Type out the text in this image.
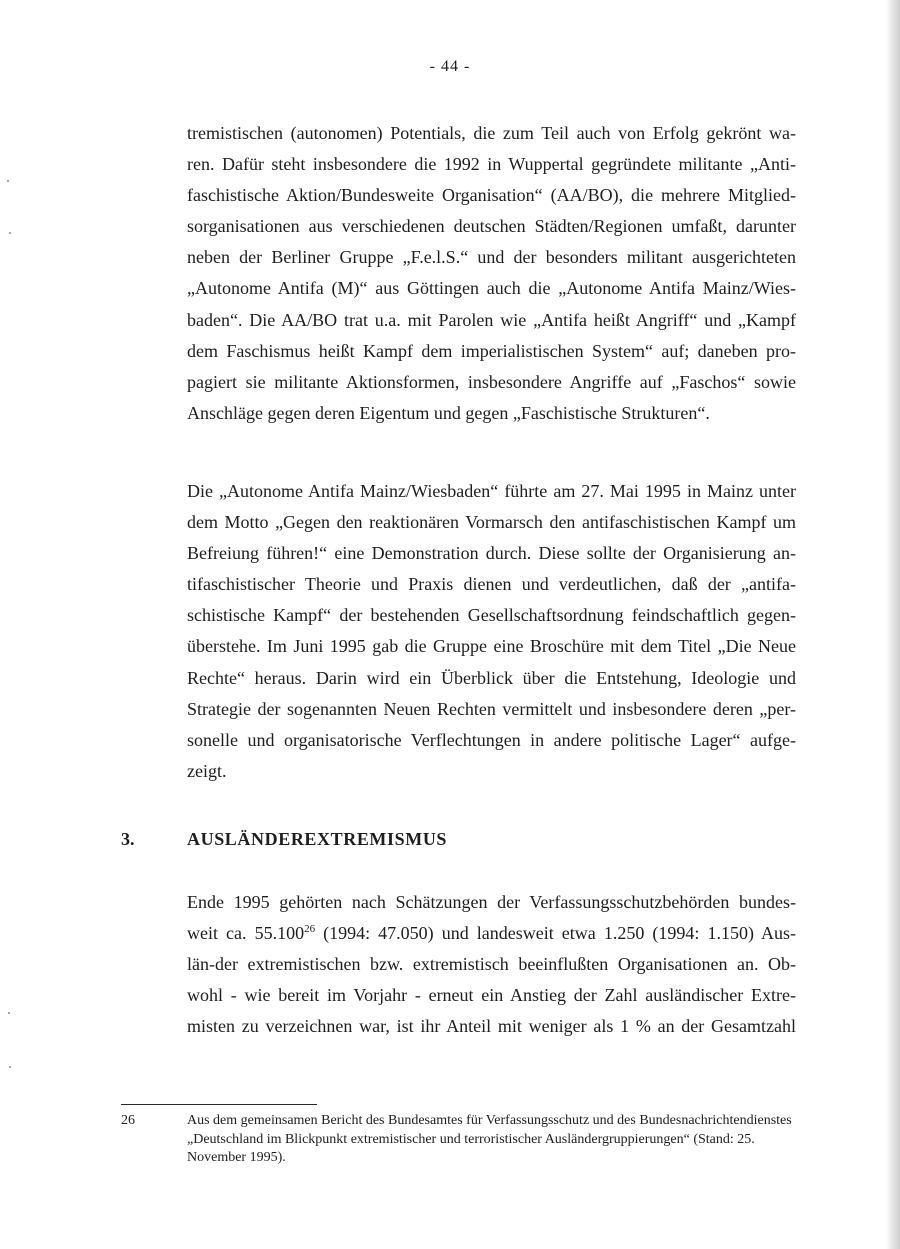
- 44 -
tremistischen (autonomen) Potentials, die zum Teil auch von Erfolg gekrönt wa-
ren. Dafür steht insbesondere die 1992 in Wuppertal gegründete militante „Anti-
faschistische Aktion/Bundesweite Organisation“ (AA/BO), die mehrere Mitglied-
sorganisationen aus verschiedenen deutschen Städten/Regionen umfaßt, darunter
neben der Berliner Gruppe „F.e.l.S.“ und der besonders militant ausgerichteten
„Autonome Antifa (M)“ aus Göttingen auch die „Autonome Antifa Mainz/Wies-
baden“. Die AA/BO trat u.a. mit Parolen wie „Antifa heißt Angriff“ und „Kampf
dem Faschismus heißt Kampf dem imperialistischen System“ auf; daneben pro-
pagiert sie militante Aktionsformen, insbesondere Angriffe auf „Faschos“ sowie
Anschläge gegen deren Eigentum und gegen „Faschistische Strukturen“.
Die „Autonome Antifa Mainz/Wiesbaden“ führte am 27. Mai 1995 in Mainz unter
dem Motto „Gegen den reaktionären Vormarsch den antifaschistischen Kampf um
Befreiung führen!“ eine Demonstration durch. Diese sollte der Organisierung an-
tifaschistischer Theorie und Praxis dienen und verdeutlichen, daß der „antifa-
schistische Kampf“ der bestehenden Gesellschaftsordnung feindschaftlich gegen-
überstehe. Im Juni 1995 gab die Gruppe eine Broschüre mit dem Titel „Die Neue
Rechte“ heraus. Darin wird ein Überblick über die Entstehung, Ideologie und
Strategie der sogenannten Neuen Rechten vermittelt und insbesondere deren „per-
sonelle und organisatorische Verflechtungen in andere politische Lager“ aufge-
zeigt.
3.	AUSLÄNDEREXTREMISMUS
Ende 1995 gehörten nach Schätzungen der Verfassungsschutzbehörden bundes-
weit ca. 55.100$^{26}$ (1994: 47.050) und landesweit etwa 1.250 (1994: 1.150) Aus-
län-der extremistischen bzw. extremistisch beeinflußten Organisationen an. Ob-
wohl - wie bereit im Vorjahr - erneut ein Anstieg der Zahl ausländischer Extre-
misten zu verzeichnen war, ist ihr Anteil mit weniger als 1 % an der Gesamtzahl
26	Aus dem gemeinsamen Bericht des Bundesamtes für Verfassungsschutz und des Bundesnachrichtendienstes „Deutschland im Blickpunkt extremistischer und terroristischer Ausländergruppierungen“ (Stand: 25. November 1995).
